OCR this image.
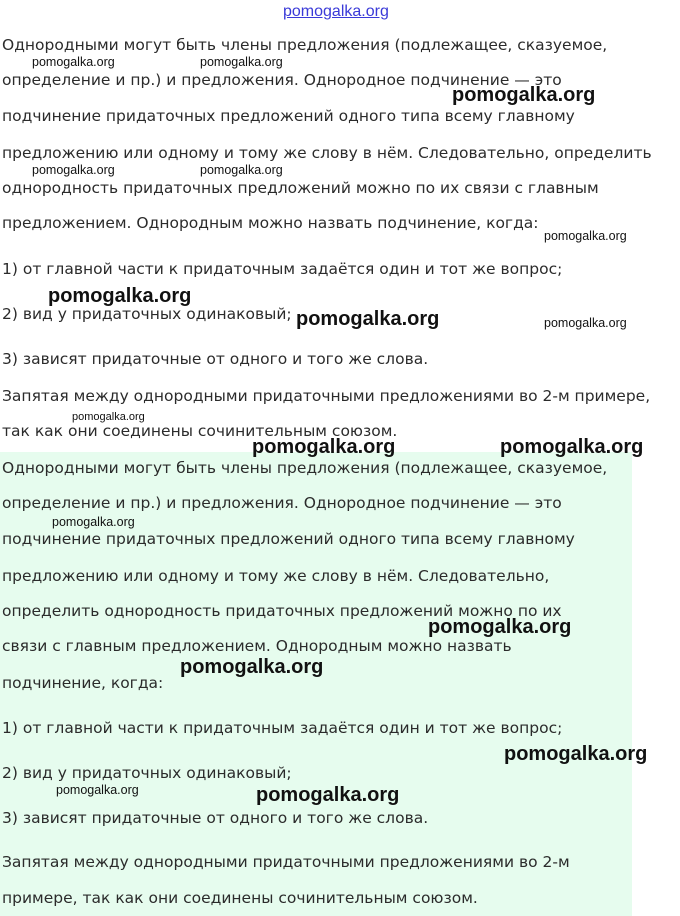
pomogalka.org
Однородными могут быть члены предложения (подлежащее, сказуемое,
определение и пр.) и предложения. Однородное подчинение — это
подчинение придаточных предложений одного типа всему главному
предложению или одному и тому же слову в нём. Следовательно, определить
однородность придаточных предложений можно по их связи с главным
предложением. Однородным можно назвать подчинение, когда:
1) от главной части к придаточным задаётся один и тот же вопрос;
2) вид у придаточных одинаковый;
3) зависят придаточные от одного и того же слова.
Запятая между однородными придаточными предложениями во 2-м примере,
так как они соединены сочинительным союзом.
Однородными могут быть члены предложения (подлежащее, сказуемое,
определение и пр.) и предложения. Однородное подчинение — это
подчинение придаточных предложений одного типа всему главному
предложению или одному и тому же слову в нём. Следовательно,
определить однородность придаточных предложений можно по их
связи с главным предложением. Однородным можно назвать
подчинение, когда:
1) от главной части к придаточным задаётся один и тот же вопрос;
2) вид у придаточных одинаковый;
3) зависят придаточные от одного и того же слова.
Запятая между однородными придаточными предложениями во 2-м
примере, так как они соединены сочинительным союзом.
pomogalka.org	pomogalka.org
pomogalka.org
pomogalka.org	pomogalka.org
pomogalka.org
pomogalka.org
pomogalka.org	pomogalka.org
pomogalka.org
pomogalka.org	pomogalka.org
pomogalka.org
pomogalka.org
pomogalka.org
pomogalka.org
pomogalka.org	pomogalka.org
